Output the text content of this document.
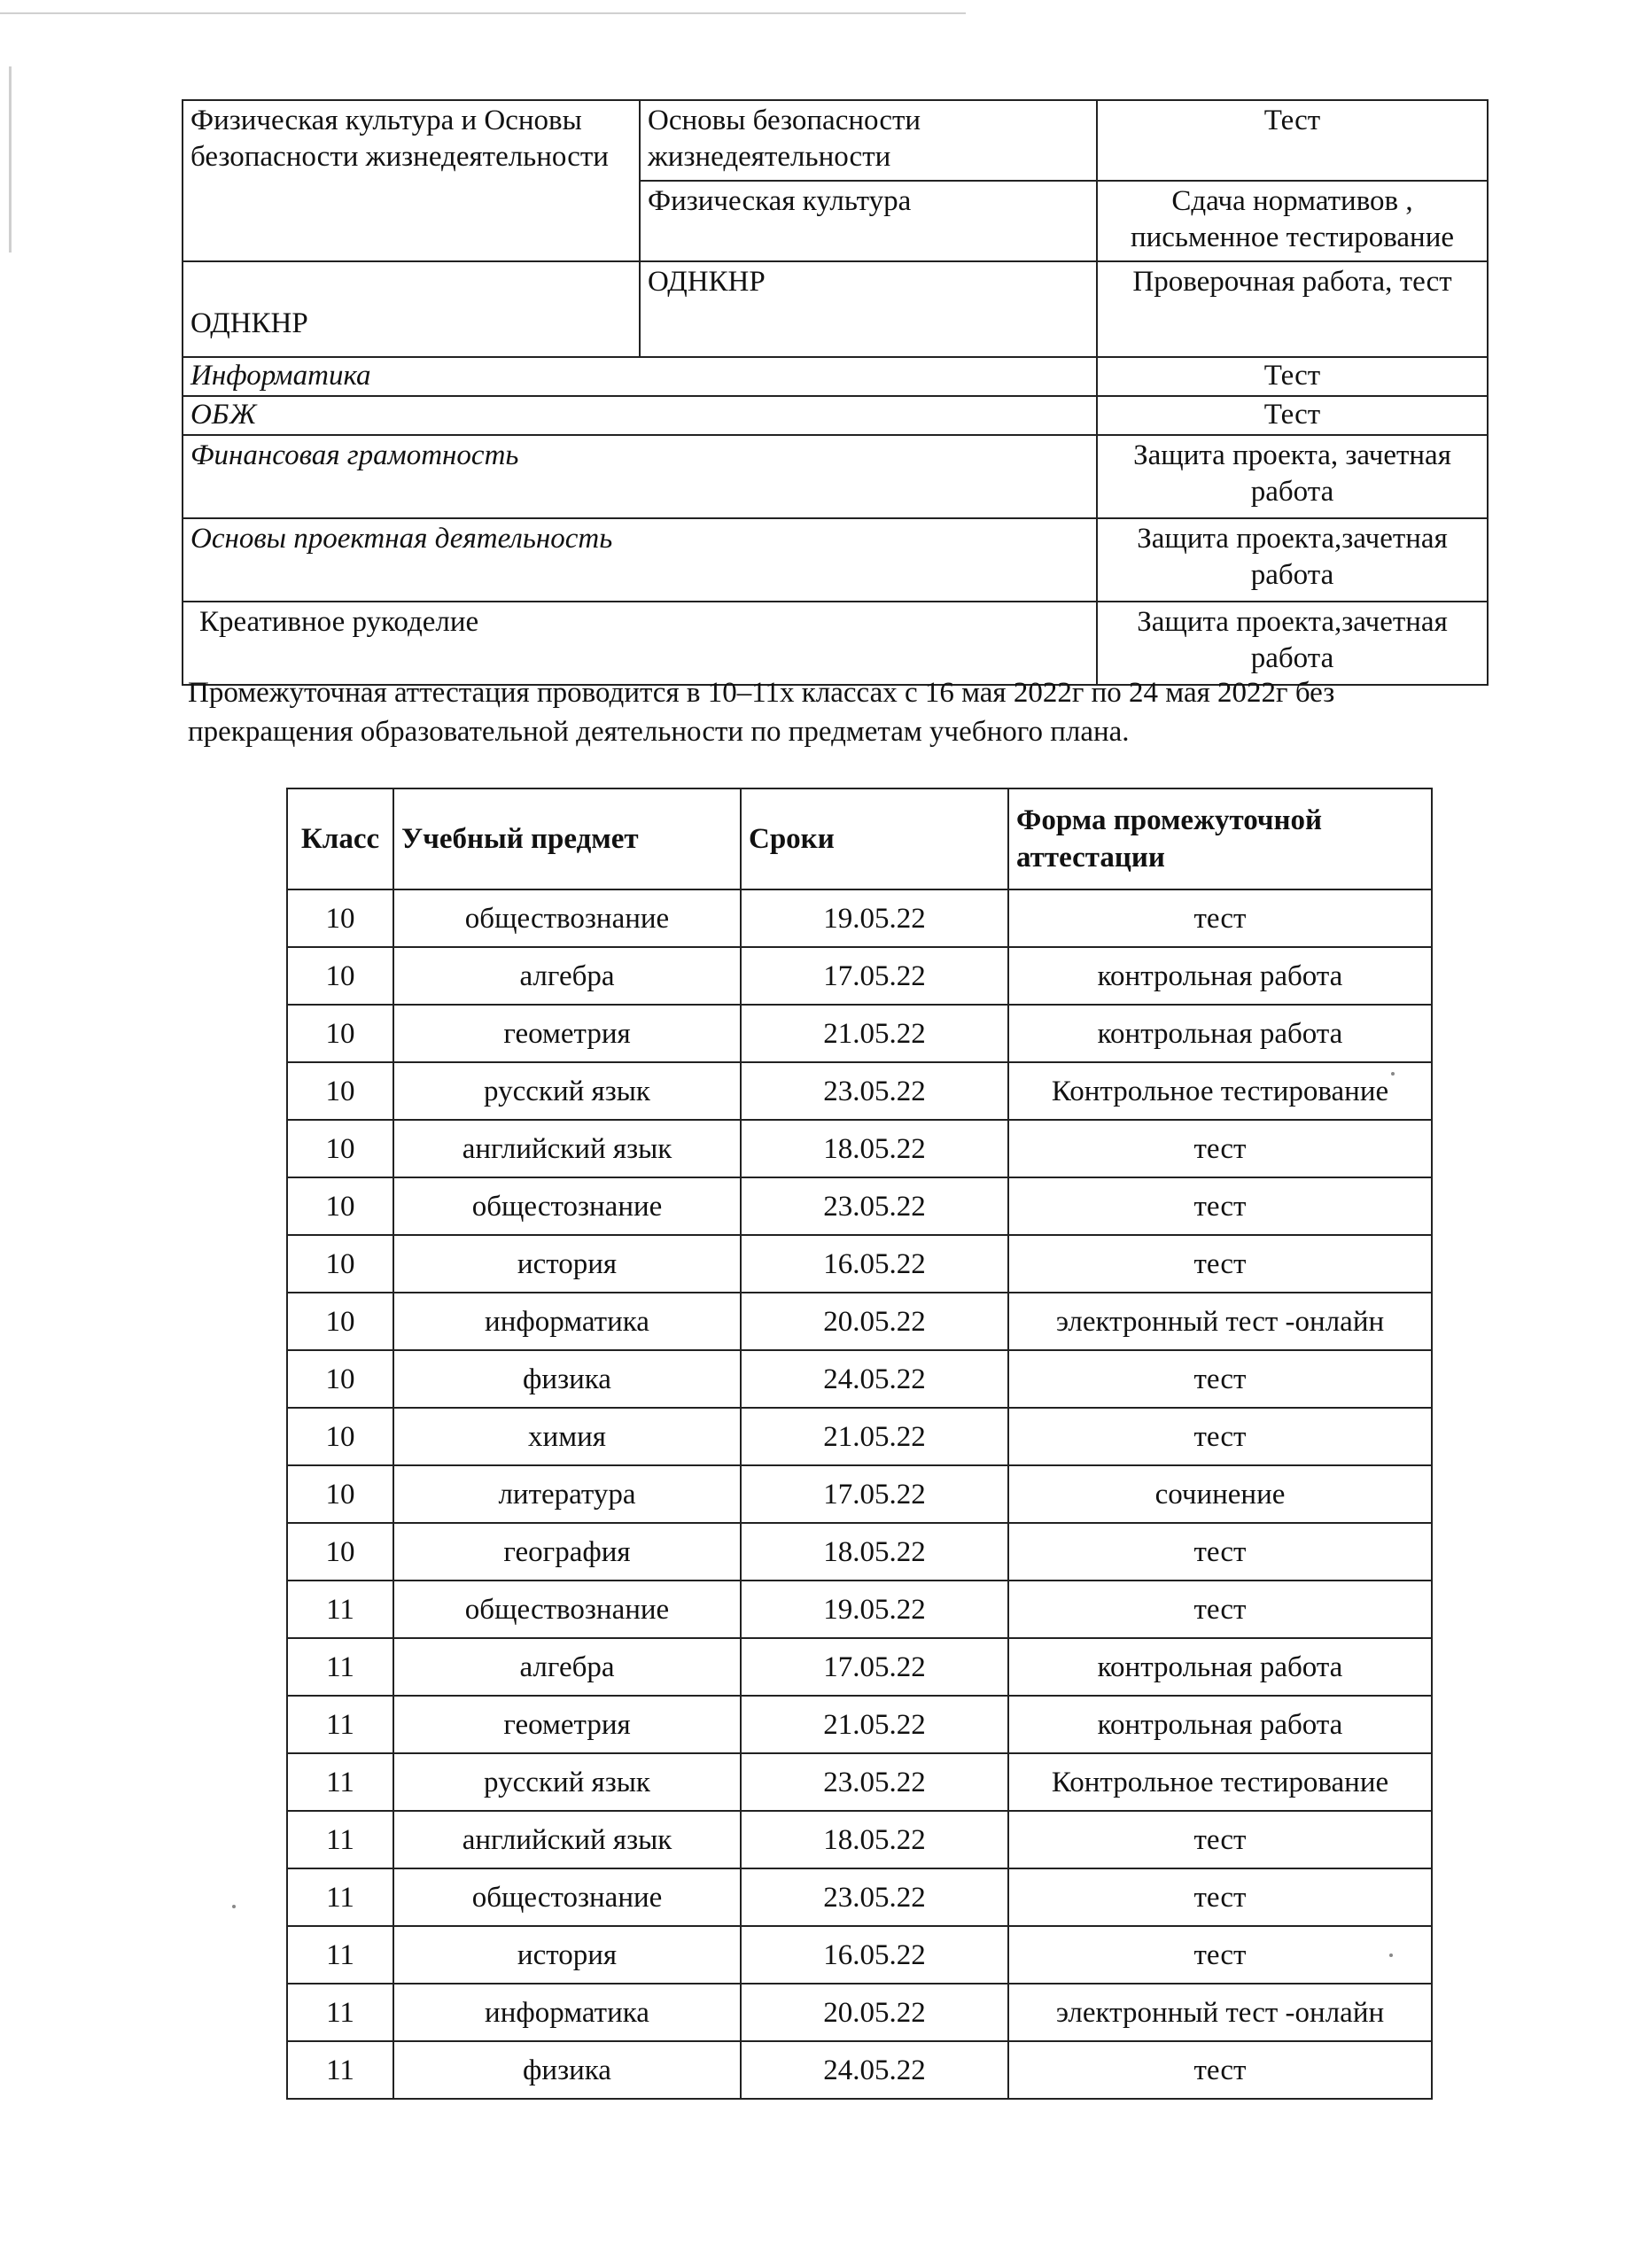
Физическая культура и Основы безопасности жизнедеятельности	Основы безопасности жизнедеятельности	Тест
	Физическая культура	Сдача нормативов , письменное тестирование
ОДНКНР	ОДНКНР	Проверочная работа, тест
Информатика		Тест
ОБЖ		Тест
Финансовая грамотность		Защита проекта, зачетная работа
Основы проектная деятельность		Защита проекта,зачетная работа
Креативное рукоделие		Защита проекта,зачетная работа

Промежуточная аттестация проводится в 10–11х классах с 16 мая 2022г по 24 мая 2022г без прекращения образовательной деятельности по предметам учебного плана.

Класс	Учебный предмет	Сроки	Форма промежуточной аттестации
10	обществознание	19.05.22	тест
10	алгебра	17.05.22	контрольная работа
10	геометрия	21.05.22	контрольная работа
10	русский язык	23.05.22	Контрольное тестирование
10	английский язык	18.05.22	тест
10	общестознание	23.05.22	тест
10	история	16.05.22	тест
10	информатика	20.05.22	электронный тест -онлайн
10	физика	24.05.22	тест
10	химия	21.05.22	тест
10	литература	17.05.22	сочинение
10	география	18.05.22	тест
11	обществознание	19.05.22	тест
11	алгебра	17.05.22	контрольная работа
11	геометрия	21.05.22	контрольная работа
11	русский язык	23.05.22	Контрольное тестирование
11	английский язык	18.05.22	тест
11	общестознание	23.05.22	тест
11	история	16.05.22	тест
11	информатика	20.05.22	электронный тест -онлайн
11	физика	24.05.22	тест
